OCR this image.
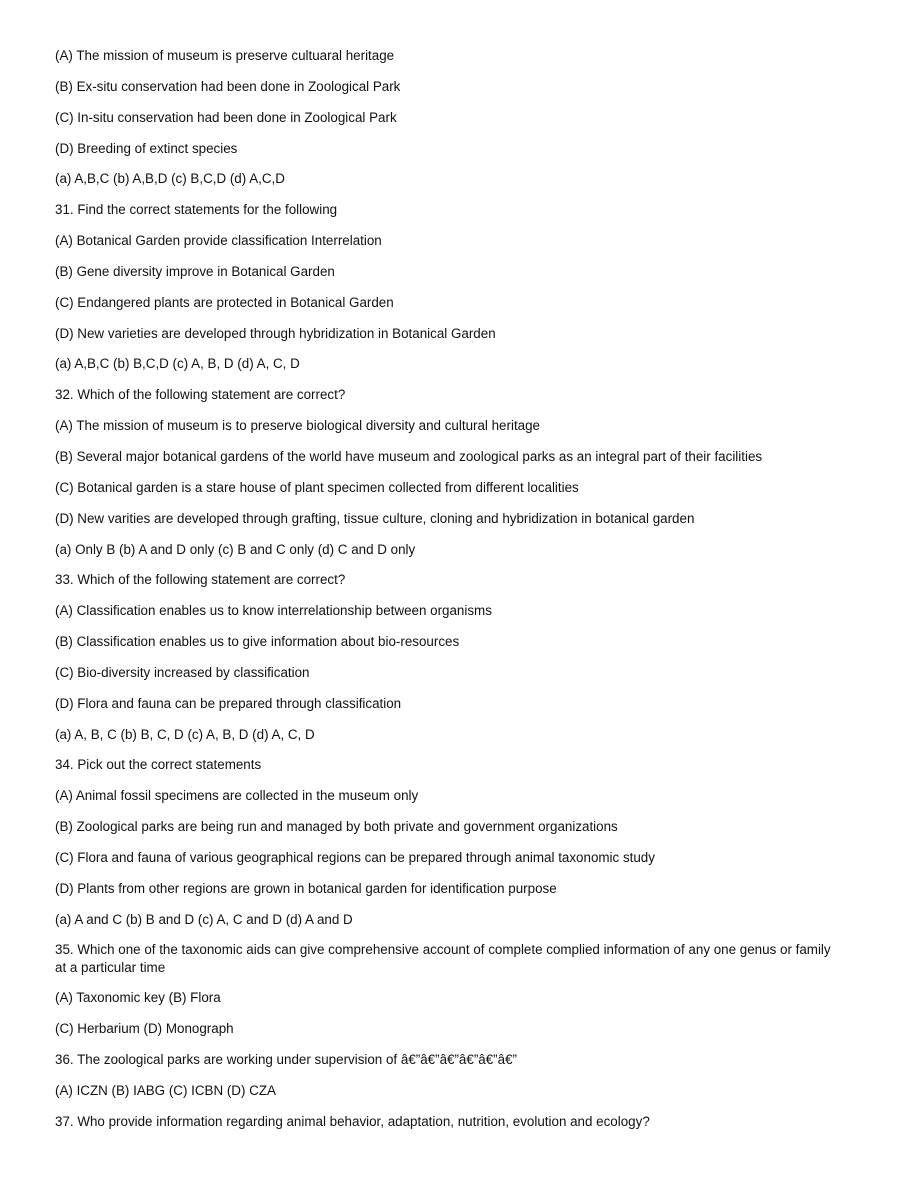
(A) The mission of museum is preserve cultuaral heritage
(B) Ex-situ conservation had been done in Zoological Park
(C) In-situ conservation had been done in Zoological Park
(D) Breeding of extinct species
(a) A,B,C (b) A,B,D (c) B,C,D (d) A,C,D
31. Find the correct statements for the following
(A) Botanical Garden provide classification Interrelation
(B) Gene diversity improve in Botanical Garden
(C) Endangered plants are protected in Botanical Garden
(D) New varieties are developed through hybridization in Botanical Garden
(a) A,B,C (b) B,C,D (c) A, B, D (d) A, C, D
32. Which of the following statement are correct?
(A) The mission of museum is to preserve biological diversity and cultural heritage
(B) Several major botanical gardens of the world have museum and zoological parks as an integral part of their facilities
(C) Botanical garden is a stare house of plant specimen collected from different localities
(D) New varities are developed through grafting, tissue culture, cloning and hybridization in botanical garden
(a) Only B (b) A and D only (c) B and C only (d) C and D only
33. Which of the following statement are correct?
(A) Classification enables us to know interrelationship between organisms
(B) Classification enables us to give information about bio-resources
(C) Bio-diversity increased by classification
(D) Flora and fauna can be prepared through classification
(a) A, B, C (b) B, C, D (c) A, B, D (d) A, C, D
34. Pick out the correct statements
(A) Animal fossil specimens are collected in the museum only
(B) Zoological parks are being run and managed by both private and government organizations
(C) Flora and fauna of various geographical regions can be prepared through animal taxonomic study
(D) Plants from other regions are grown in botanical garden for identification purpose
(a) A and C (b) B and D (c) A, C and D (d) A and D
35. Which one of the taxonomic aids can give comprehensive account of complete complied information of any one genus or family at a particular time
(A) Taxonomic key (B) Flora
(C) Herbarium (D) Monograph
36. The zoological parks are working under supervision of â€”â€”â€”â€”â€”â€”
(A) ICZN (B) IABG (C) ICBN (D) CZA
37. Who provide information regarding animal behavior, adaptation, nutrition, evolution and ecology?
